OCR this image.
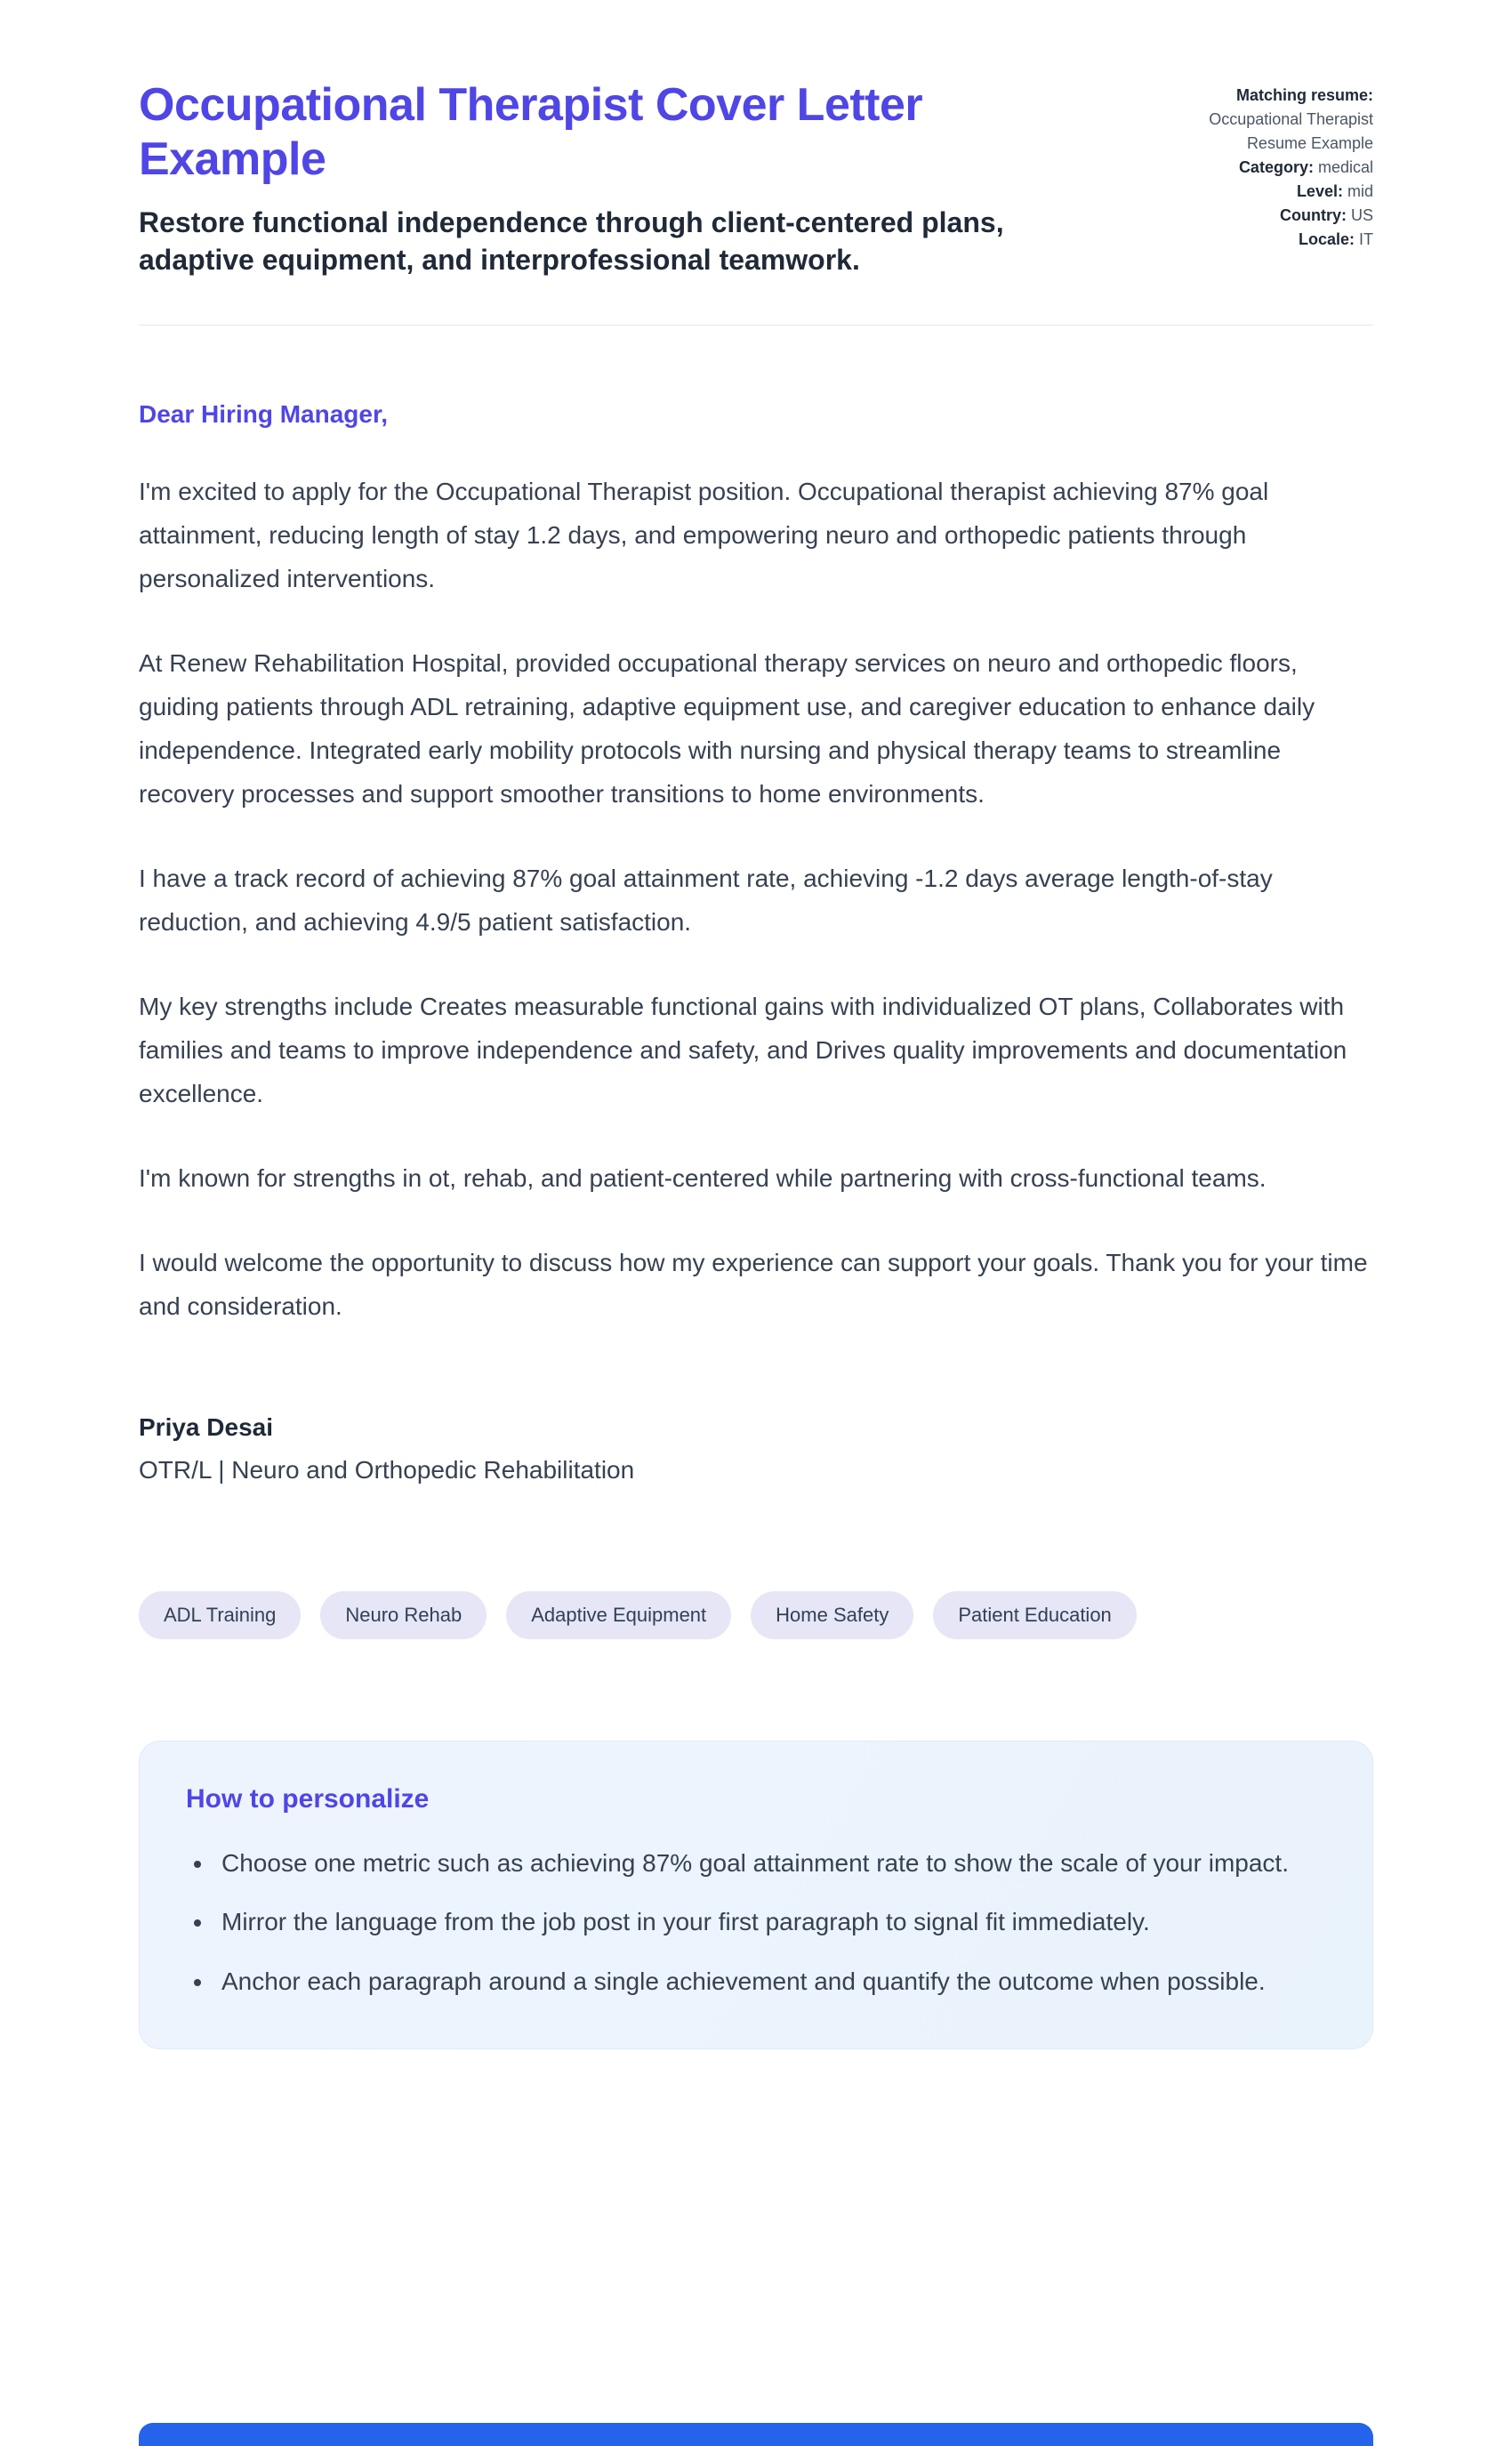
Occupational Therapist Cover Letter Example

Restore functional independence through client-centered plans, adaptive equipment, and interprofessional teamwork.

Matching resume:
Occupational Therapist Resume Example
Category: medical
Level: mid
Country: US
Locale: IT

Dear Hiring Manager,

I'm excited to apply for the Occupational Therapist position. Occupational therapist achieving 87% goal attainment, reducing length of stay 1.2 days, and empowering neuro and orthopedic patients through personalized interventions.

At Renew Rehabilitation Hospital, provided occupational therapy services on neuro and orthopedic floors, guiding patients through ADL retraining, adaptive equipment use, and caregiver education to enhance daily independence. Integrated early mobility protocols with nursing and physical therapy teams to streamline recovery processes and support smoother transitions to home environments.

I have a track record of achieving 87% goal attainment rate, achieving -1.2 days average length-of-stay reduction, and achieving 4.9/5 patient satisfaction.

My key strengths include Creates measurable functional gains with individualized OT plans, Collaborates with families and teams to improve independence and safety, and Drives quality improvements and documentation excellence.

I'm known for strengths in ot, rehab, and patient-centered while partnering with cross-functional teams.

I would welcome the opportunity to discuss how my experience can support your goals. Thank you for your time and consideration.

Priya Desai

OTR/L | Neuro and Orthopedic Rehabilitation

ADL Training	Neuro Rehab	Adaptive Equipment	Home Safety	Patient Education
How to personalize
• Choose one metric such as achieving 87% goal attainment rate to show the scale of your impact.
• Mirror the language from the job post in your first paragraph to signal fit immediately.
• Anchor each paragraph around a single achievement and quantify the outcome when possible.
